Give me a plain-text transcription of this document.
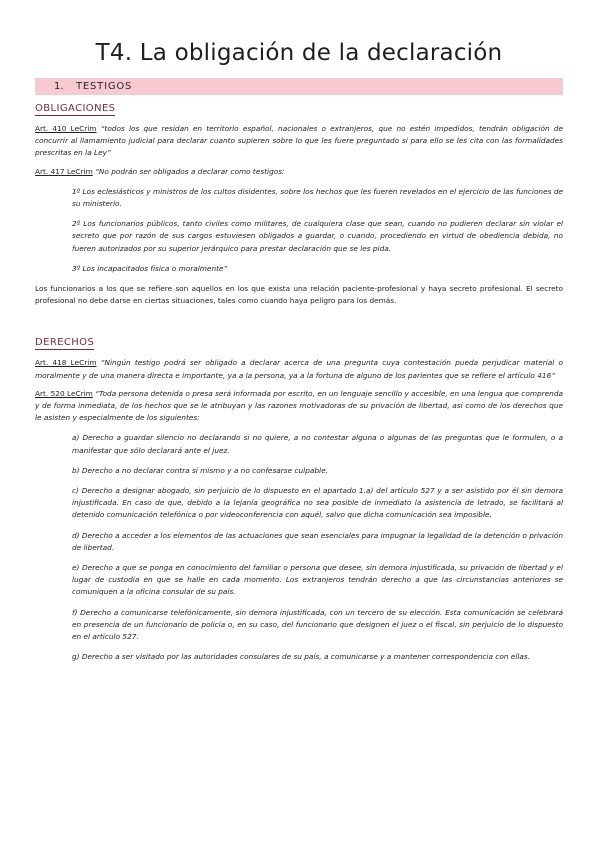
T4. La obligación de la declaración
1.	TESTIGOS
OBLIGACIONES

Art. 410 LeCrim “todos los que residan en territorio español, nacionales o extranjeros, que no estén impedidos, tendrán obligación de concurrir al llamamiento judicial para declarar cuanto supieren sobre lo que les fuere preguntado si para ello se les cita con las formalidades prescritas en la Ley”

Art. 417 LeCrim “No podrán ser obligados a declarar como testigos:

1º Los eclesiásticos y ministros de los cultos disidentes, sobre los hechos que les fueren revelados en el ejercicio de las funciones de su ministerio.

2º Los funcionarios públicos, tanto civiles como militares, de cualquiera clase que sean, cuando no pudieren declarar sin violar el secreto que por razón de sus cargos estuviesen obligados a guardar, o cuando, procediendo en virtud de obediencia debida, no fueren autorizados por su superior jerárquico para prestar declaración que se les pida.

3º Los incapacitados física o moralmente”

Los funcionarios a los que se refiere son aquellos en los que exista una relación paciente-profesional y haya secreto profesional. El secreto profesional no debe darse en ciertas situaciones, tales como cuando haya peligro para los demás.

DERECHOS

Art. 418 LeCrim “Ningún testigo podrá ser obligado a declarar acerca de una pregunta cuya contestación pueda perjudicar material o moralmente y de una manera directa e importante, ya a la persona, ya a la fortuna de alguno de los parientes que se refiere el artículo 416”

Art. 520 LeCrim “Toda persona detenida o presa será informada por escrito, en un lenguaje sencillo y accesible, en una lengua que comprenda y de forma inmediata, de los hechos que se le atribuyan y las razones motivadoras de su privación de libertad, así como de los derechos que le asisten y especialmente de los siguientes:

a) Derecho a guardar silencio no declarando si no quiere, a no contestar alguna o algunas de las preguntas que le formulen, o a manifestar que sólo declarará ante el juez.

b) Derecho a no declarar contra sí mismo y a no confesarse culpable.

c) Derecho a designar abogado, sin perjuicio de lo dispuesto en el apartado 1.a) del artículo 527 y a ser asistido por él sin demora injustificada. En caso de que, debido a la lejanía geográfica no sea posible de inmediato la asistencia de letrado, se facilitará al detenido comunicación telefónica o por videoconferencia con aquél, salvo que dicha comunicación sea imposible.

d) Derecho a acceder a los elementos de las actuaciones que sean esenciales para impugnar la legalidad de la detención o privación de libertad.

e) Derecho a que se ponga en conocimiento del familiar o persona que desee, sin demora injustificada, su privación de libertad y el lugar de custodia en que se halle en cada momento. Los extranjeros tendrán derecho a que las circunstancias anteriores se comuniquen a la oficina consular de su país.

f) Derecho a comunicarse telefónicamente, sin demora injustificada, con un tercero de su elección. Esta comunicación se celebrará en presencia de un funcionario de policía o, en su caso, del funcionario que designen el juez o el fiscal, sin perjuicio de lo dispuesto en el artículo 527.

g) Derecho a ser visitado por las autoridades consulares de su país, a comunicarse y a mantener correspondencia con ellas.
